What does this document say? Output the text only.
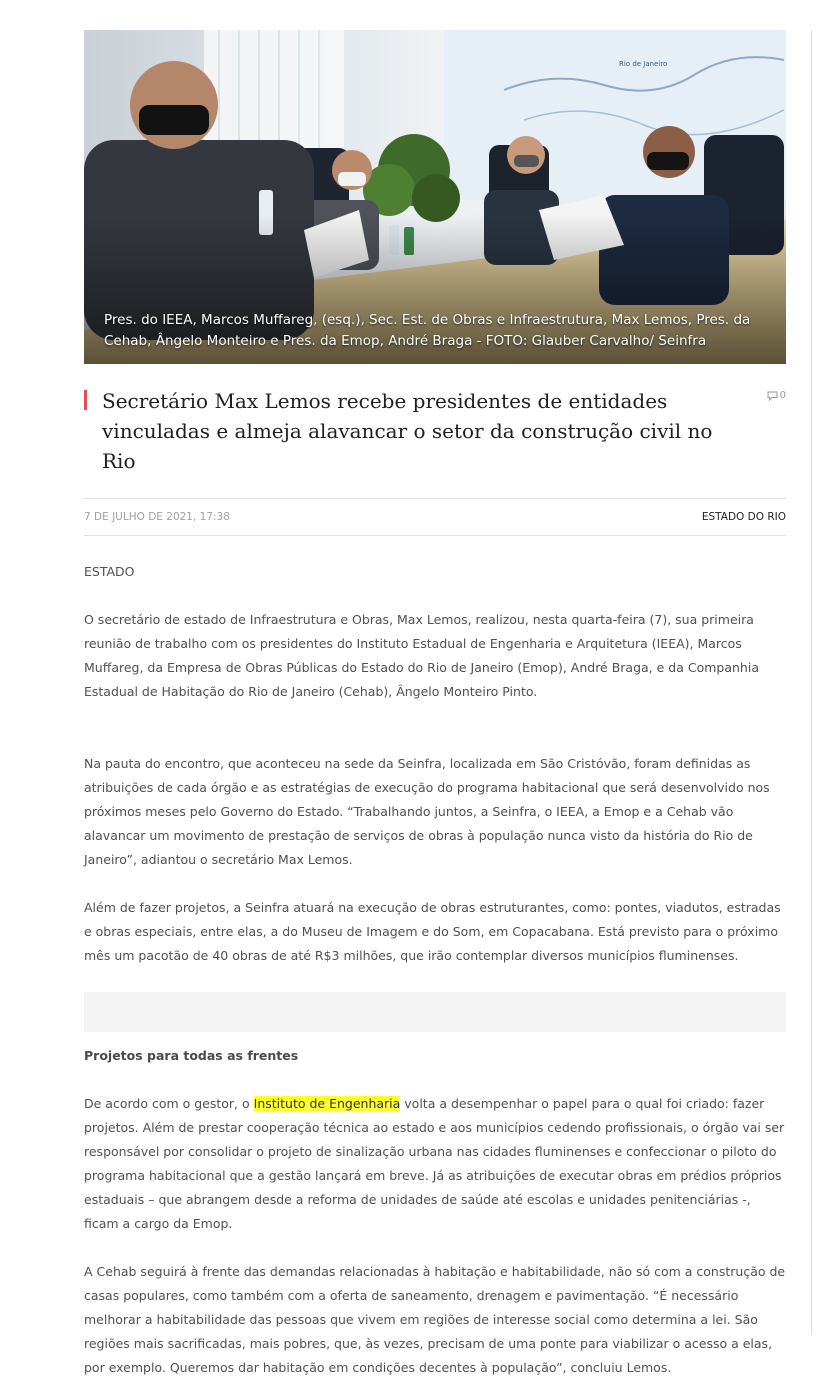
Pres. do IEEA, Marcos Muffareg, (esq.), Sec. Est. de Obras e Infraestrutura, Max Lemos, Pres. da Cehab, Ângelo Monteiro e Pres. da Emop, André Braga - FOTO: Glauber Carvalho/ Seinfra
Secretário Max Lemos recebe presidentes de entidades vinculadas e almeja alavancar o setor da construção civil no Rio
0
7 DE JULHO DE 2021, 17:38	ESTADO DO RIO

ESTADO

O secretário de estado de Infraestrutura e Obras, Max Lemos, realizou, nesta quarta-feira (7), sua primeira reunião de trabalho com os presidentes do Instituto Estadual de Engenharia e Arquitetura (IEEA), Marcos Muffareg, da Empresa de Obras Públicas do Estado do Rio de Janeiro (Emop), André Braga, e da Companhia Estadual de Habitação do Rio de Janeiro (Cehab), Ângelo Monteiro Pinto.

Na pauta do encontro, que aconteceu na sede da Seinfra, localizada em São Cristóvão, foram definidas as atribuições de cada órgão e as estratégias de execução do programa habitacional que será desenvolvido nos próximos meses pelo Governo do Estado. “Trabalhando juntos, a Seinfra, o IEEA, a Emop e a Cehab vão alavancar um movimento de prestação de serviços de obras à população nunca visto da história do Rio de Janeiro”, adiantou o secretário Max Lemos.

Além de fazer projetos, a Seinfra atuará na execução de obras estruturantes, como: pontes, viadutos, estradas e obras especiais, entre elas, a do Museu de Imagem e do Som, em Copacabana. Está previsto para o próximo mês um pacotão de 40 obras de até R$3 milhões, que irão contemplar diversos municípios fluminenses.

Projetos para todas as frentes

De acordo com o gestor, o Instituto de Engenharia volta a desempenhar o papel para o qual foi criado: fazer projetos. Além de prestar cooperação técnica ao estado e aos municípios cedendo profissionais, o órgão vai ser responsável por consolidar o projeto de sinalização urbana nas cidades fluminenses e confeccionar o piloto do programa habitacional que a gestão lançará em breve. Já as atribuições de executar obras em prédios próprios estaduais – que abrangem desde a reforma de unidades de saúde até escolas e unidades penitenciárias -, ficam a cargo da Emop.

A Cehab seguirá à frente das demandas relacionadas à habitação e habitabilidade, não só com a construção de casas populares, como também com a oferta de saneamento, drenagem e pavimentação. “É necessário melhorar a habitabilidade das pessoas que vivem em regiões de interesse social como determina a lei. São regiões mais sacrificadas, mais pobres, que, às vezes, precisam de uma ponte para viabilizar o acesso a elas, por exemplo. Queremos dar habitação em condições decentes à população”, concluiu Lemos.
